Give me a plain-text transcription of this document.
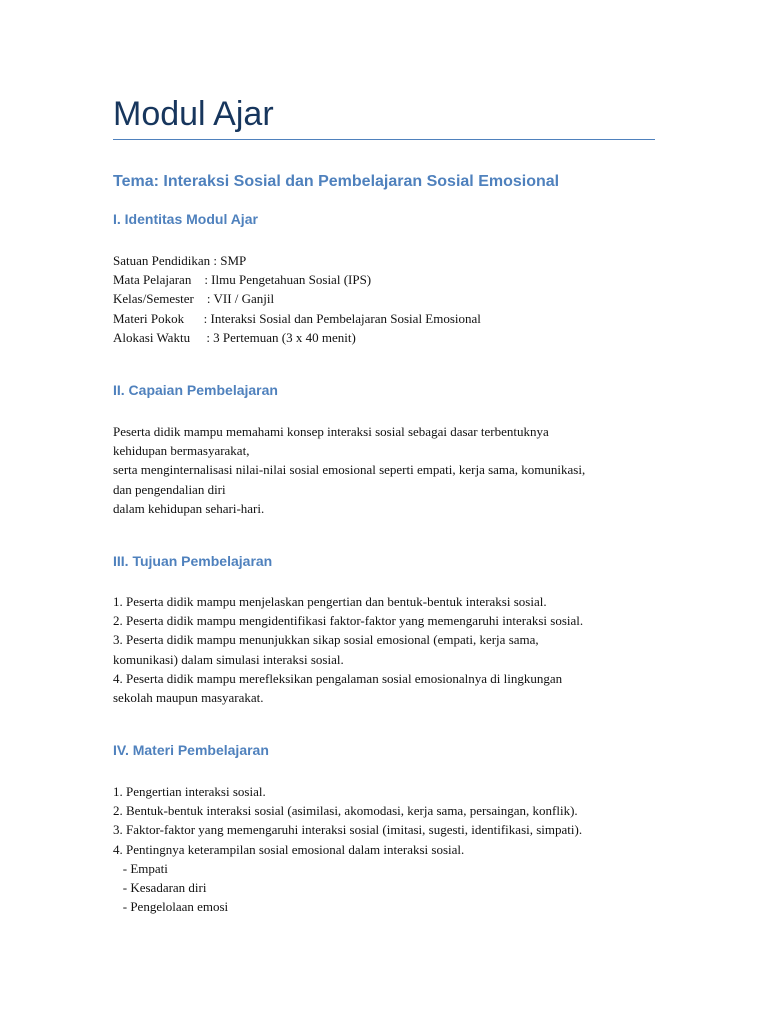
Modul Ajar
Tema: Interaksi Sosial dan Pembelajaran Sosial Emosional
I. Identitas Modul Ajar
Satuan Pendidikan : SMP
Mata Pelajaran    : Ilmu Pengetahuan Sosial (IPS)
Kelas/Semester    : VII / Ganjil
Materi Pokok      : Interaksi Sosial dan Pembelajaran Sosial Emosional
Alokasi Waktu     : 3 Pertemuan (3 x 40 menit)
II. Capaian Pembelajaran
Peserta didik mampu memahami konsep interaksi sosial sebagai dasar terbentuknya
kehidupan bermasyarakat,
serta menginternalisasi nilai-nilai sosial emosional seperti empati, kerja sama, komunikasi,
dan pengendalian diri
dalam kehidupan sehari-hari.
III. Tujuan Pembelajaran
1. Peserta didik mampu menjelaskan pengertian dan bentuk-bentuk interaksi sosial.
2. Peserta didik mampu mengidentifikasi faktor-faktor yang memengaruhi interaksi sosial.
3. Peserta didik mampu menunjukkan sikap sosial emosional (empati, kerja sama,
komunikasi) dalam simulasi interaksi sosial.
4. Peserta didik mampu merefleksikan pengalaman sosial emosionalnya di lingkungan
sekolah maupun masyarakat.
IV. Materi Pembelajaran
1. Pengertian interaksi sosial.
2. Bentuk-bentuk interaksi sosial (asimilasi, akomodasi, kerja sama, persaingan, konflik).
3. Faktor-faktor yang memengaruhi interaksi sosial (imitasi, sugesti, identifikasi, simpati).
4. Pentingnya keterampilan sosial emosional dalam interaksi sosial.
- Empati
- Kesadaran diri
- Pengelolaan emosi
